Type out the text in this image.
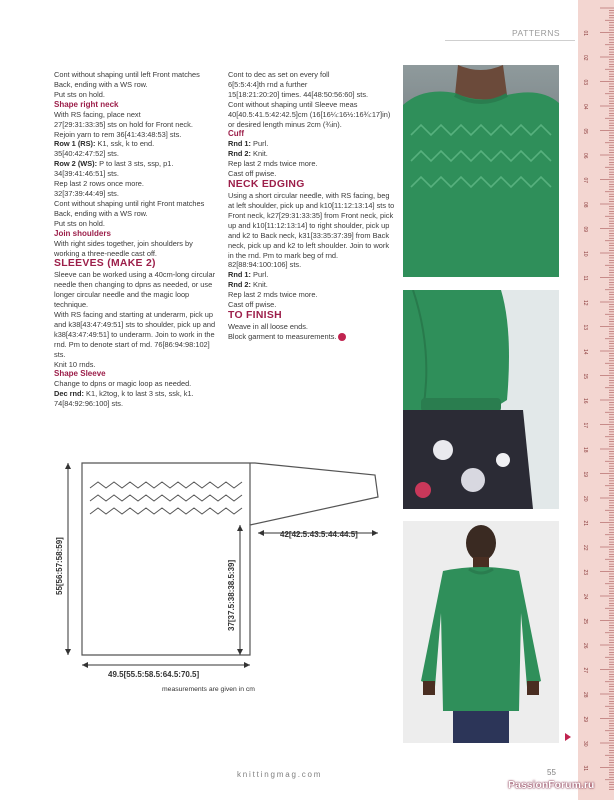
PATTERNS

Cont without shaping until left Front matches Back, ending with a WS row.

Put sts on hold.

Shape right neck

With RS facing, place next

27[29:31:33:35] sts on hold for Front neck.

Rejoin yarn to rem 36[41:43:48:53] sts.

Row 1 (RS): K1, ssk, k to end.

35[40:42:47:52] sts.

Row 2 (WS): P to last 3 sts, ssp, p1.

34[39:41:46:51] sts.

Rep last 2 rows once more.

32[37:39:44:49] sts.

Cont without shaping until right Front matches Back, ending with a WS row.

Put sts on hold.

Join shoulders

With right sides together, join shoulders by working a three-needle cast off.

SLEEVES (MAKE 2)

Sleeve can be worked using a 40cm-long circular needle then changing to dpns as needed, or use longer circular needle and the magic loop technique.

With RS facing and starting at underarm, pick up and k38[43:47:49:51] sts to shoulder, pick up and k38[43:47:49:51] to underarm. Join to work in the rnd. Pm to denote start of rnd. 76[86:94:98:102] sts.

Knit 10 rnds.

Shape Sleeve

Change to dpns or magic loop as needed.

Dec rnd: K1, k2tog, k to last 3 sts, ssk, k1.

74[84:92:96:100] sts.

Cont to dec as set on every foll

6[5:5:4:4]th rnd a further

15[18:21:20:20] times. 44[48:50:56:60] sts.

Cont without shaping until Sleeve meas 40[40.5:41.5:42:42.5]cm (16[16¼:16½:16¾:17]in) or desired length minus 2cm (¾in).

Cuff

Rnd 1: Purl.

Rnd 2: Knit.

Rep last 2 rnds twice more.

Cast off pwise.

NECK EDGING

Using a short circular needle, with RS facing, beg at left shoulder, pick up and k10[11:12:13:14] sts to Front neck, k27[29:31:33:35] from Front neck, pick up and k10[11:12:13:14] to right shoulder, pick up and k2 to Back neck, k31[33:35:37:39] from Back neck, pick up and k2 to left shoulder. Join to work in the rnd. Pm to mark beg of rnd.

82[88:94:100:106] sts.

Rnd 1: Purl.

Rnd 2: Knit.

Rep last 2 rnds twice more.

Cast off pwise.

TO FINISH

Weave in all loose ends.

Block garment to measurements.

42[42.5:43.5:44:44.5]
55[56:57:58:59]	37[37.5:38:38.5:39]
49.5[55.5:58.5:64.5:70.5]
measurements are given in cm
01
02
03
04
05
06
07
08
09
10
11
12
13
14
15
16
17
18
19
20
21
22
23
24
25
26
27
28
29
30
31
knittingmag.com	55
PassionForum.ru
